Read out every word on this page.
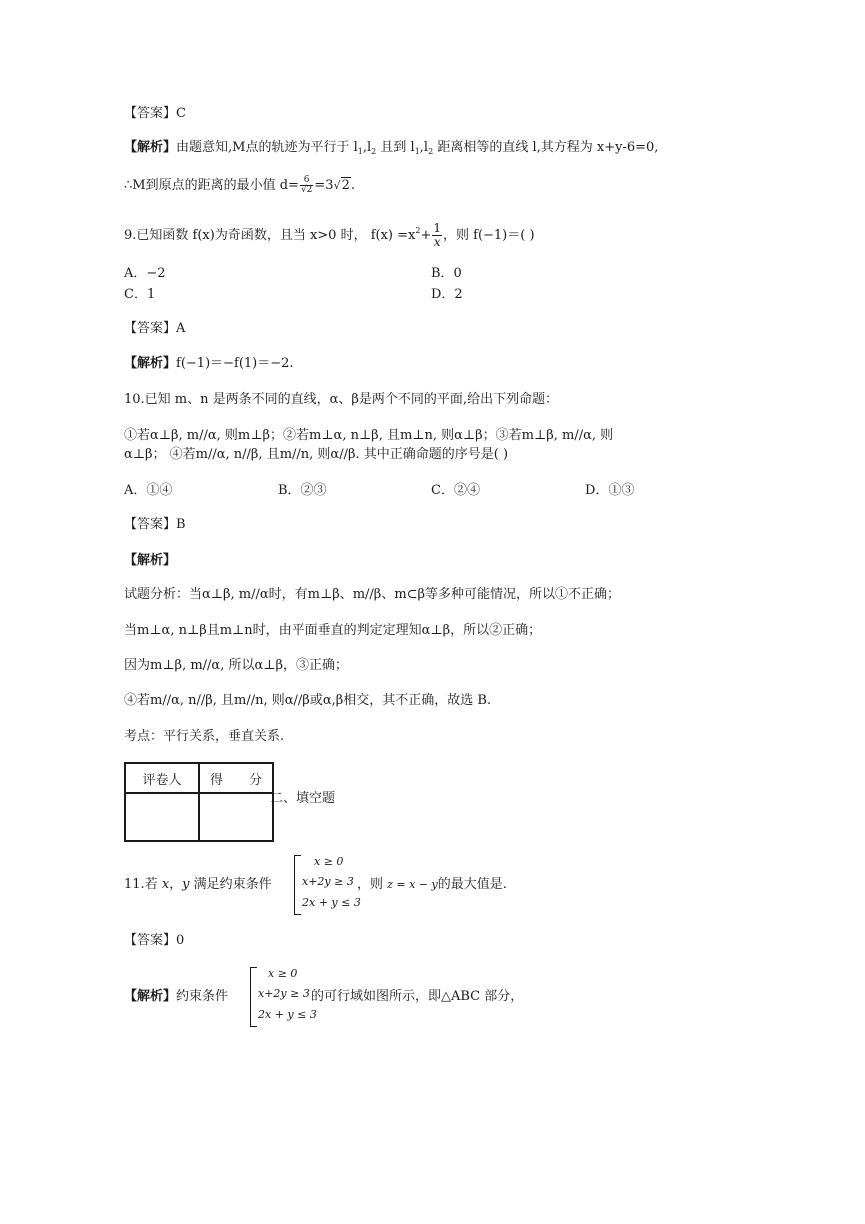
【答案】C
【解析】由题意知,M点的轨迹为平行于 $l_1,l_2$ 且到 $l_1,l_2$ 距离相等的直线 l,其方程为 x+y-6=0,
∴M到原点的距离的最小值 $d= \frac{6}{√2} =3√2$.
9.已知函数 f(x)为奇函数，且当 x>0 时， $f(x) =x^2+ \frac{1}{x}$ ，则 f(−1)＝( )
A．−2	B．0
C．1	D．2
【答案】A
【解析】f(−1)＝−f(1)＝−2.
10.已知 m、n 是两条不同的直线，α、β是两个不同的平面,给出下列命题：
①若α⊥β, m//α, 则m⊥β；②若m⊥α, n⊥β, 且m⊥n, 则α⊥β；③若m⊥β, m//α, 则
α⊥β； ④若m//α, n//β, 且m//n, 则α//β. 其中正确命题的序号是( )
A．①④	B．②③	C．②④	D．①③
【答案】B
【解析】
试题分析：当α⊥β, m//α时，有m⊥β、m//β、m⊂β等多种可能情况，所以①不正确；
当m⊥α, n⊥β且m⊥n时，由平面垂直的判定定理知α⊥β，所以②正确；
因为m⊥β, m//α, 所以α⊥β，③正确；
④若m//α, n//β, 且m//n, 则α//β或α,β相交，其不正确，故选 B.
考点：平行关系，垂直关系.
评卷人	得　　分

二、填空题
11.若 x，y 满足约束条件
x ≥ 0
x+2y ≥ 3
2x + y ≤ 3
，则 z = x − y的最大值是.
【答案】0
【解析】约束条件
x ≥ 0
x+2y ≥ 3
2x + y ≤ 3
的可行域如图所示，即△ABC 部分，
